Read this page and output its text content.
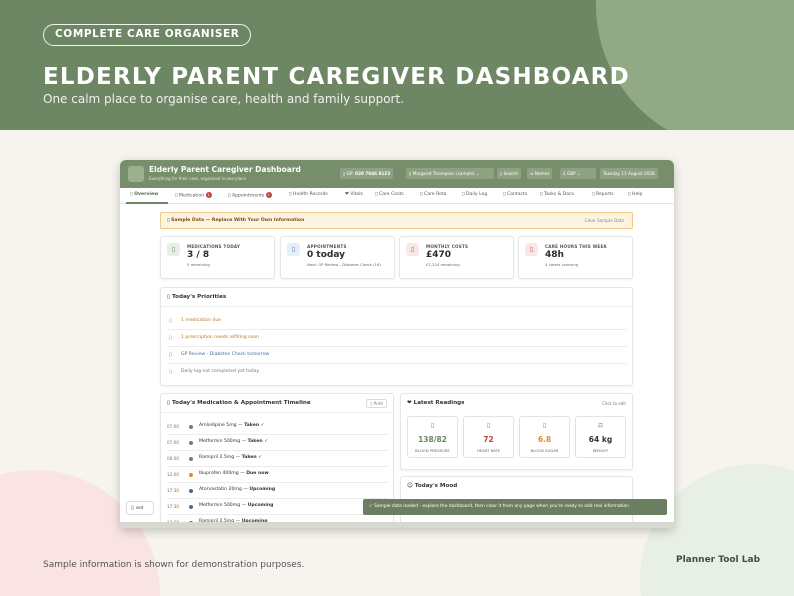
COMPLETE CARE ORGANISER
ELDERLY PARENT CAREGIVER DASHBOARD
One calm place to organise care, health and family support.
Sample information is shown for demonstration purposes.	Planner Tool Lab
Elderly Parent Caregiver Dashboard
Everything for their care, organised in one place
▯ GP: 020 7946 0123	▯ Margaret Thompson (sample) ⌄	▯ Search	⇔ Names	£ GBP ⌄	Tuesday 11 August 2026
▯ Overview	▯ Medication 1	▯ Appointments 1	▯ Health Records	❤ Vitals	▯ Care Costs	▯ Care Rota	▯ Daily Log	▯ Contacts	▯ Tasks & Docs	▯ Reports	▯ Help
▯ Sample Data — Replace With Your Own Information	Clear Sample Data
▯	MEDICATIONS TODAY
3 / 8
5 remaining
▯	APPOINTMENTS
0 today
Next: GP Review - Diabetes Check (16)
▯	MONTHLY COSTS
£470
£2,224 remaining
▯	CARE HOURS THIS WEEK
48h
4 carers covering
▯ Today's Priorities
▯ 1 medication due
▯ 1 prescription needs refilling soon
▯ GP Review - Diabetes Check tomorrow
▯ Daily log not completed yet today
▯ Today's Medication & Appointment Timeline	▯ Print
07:00	Amlodipine 5mg — Taken ✓
07:00	Metformin 500mg — Taken ✓
08:00	Ramipril 2.5mg — Taken ✓
12:00	Ibuprofen 400mg — Due now
17:30	Atorvastatin 20mg — Upcoming
17:30	Metformin 500mg — Upcoming
❤ Latest Readings	Click to edit
▯
138/82
BLOOD PRESSURE
▯
72
HEART RATE
▯
6.8
BLOOD SUGAR
⚖
64 kg
WEIGHT
☺ Today's Mood
✓ Sample data loaded - explore the dashboard, then clear it from any page when you're ready to add real information
▯ ved
